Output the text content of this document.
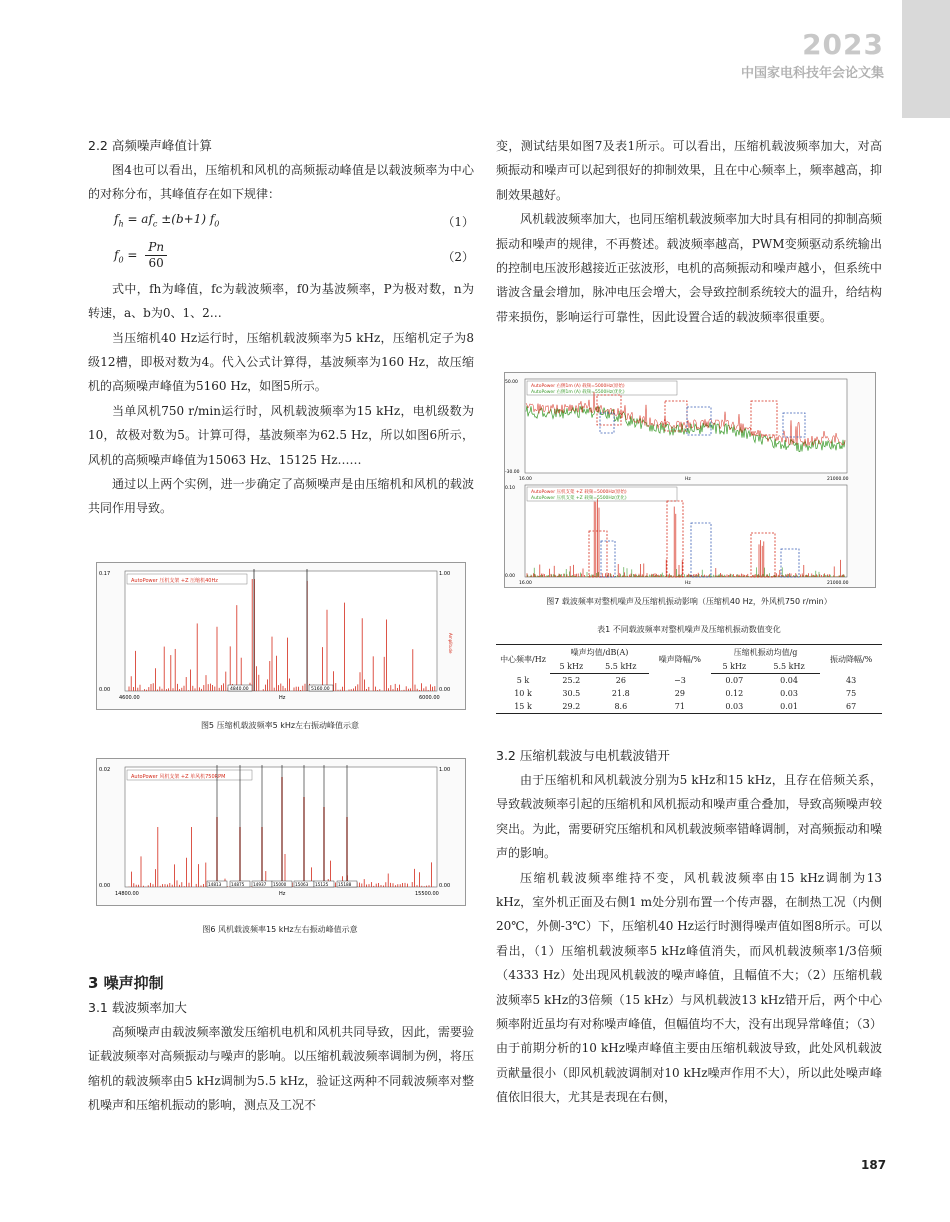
2023
中国家电科技年会论文集
2.2 高频噪声峰值计算

图4也可以看出，压缩机和风机的高频振动峰值是以载波频率为中心的对称分布，其峰值存在如下规律：

$f_h = af_c \pm(b+1)$ $f_0$	（1）
$f_0 = \frac{Pn}{60}$	（2）

式中，fh为峰值，fc为载波频率，f0为基波频率，P为极对数，n为转速，a、b为0、1、2…

当压缩机40 Hz运行时，压缩机载波频率为5 kHz，压缩机定子为8级12槽，即极对数为4。代入公式计算得，基波频率为160 Hz，故压缩机的高频噪声峰值为5160 Hz，如图5所示。

当单风机750 r/min运行时，风机载波频率为15 kHz，电机级数为10，故极对数为5。计算可得，基波频率为62.5 Hz，所以如图6所示，风机的高频噪声峰值为15063 Hz、15125 Hz……

通过以上两个实例，进一步确定了高频噪声是由压缩机和风机的载波共同作用导致。

AutoPower 压机支架 +Z 压缩机40Hz
0.17
0.00
1.00
0.00
Amplitude
4600.00	6000.00
Hz
4840.00	5160.00
图5 压缩机载波频率5 kHz左右振动峰值示意
AutoPower 风机支架 +Z 单风机750RPM
0.02
0.00
1.00
0.00
14800.00	15500.00
Hz
14813 14875 14937 15000 15063 15125 15188
图6 风机载波频率15 kHz左右振动峰值示意
3 噪声抑制
3.1 载波频率加大

高频噪声由载波频率激发压缩机电机和风机共同导致，因此，需要验证载波频率对高频振动与噪声的影响。以压缩机载波频率调制为例，将压缩机的载波频率由5 kHz调制为5.5 kHz，验证这两种不同载波频率对整机噪声和压缩机振动的影响，测点及工况不

变，测试结果如图7及表1所示。可以看出，压缩机载波频率加大，对高频振动和噪声可以起到很好的抑制效果，且在中心频率上，频率越高，抑制效果越好。

风机载波频率加大，也同压缩机载波频率加大时具有相同的抑制高频振动和噪声的规律，不再赘述。载波频率越高，PWM变频驱动系统输出的控制电压波形越接近正弦波形，电机的高频振动和噪声越小，但系统中谐波含量会增加，脉冲电压会增大，会导致控制系统较大的温升，给结构带来损伤，影响运行可靠性，因此设置合适的载波频率很重要。

AutoPower 右侧1m (A) 载频=5000Hz(原始)
AutoPower 右侧1m (A) 载频=5500Hz(优化)
50.00
-30.00
16.00	21000.00
Hz
AutoPower 压机支架 +Z 载频=5000Hz(原始)
AutoPower 压机支架 +Z 载频=5500Hz(优化)
0.10
0.00
16.00	21000.00
Hz
图7 载波频率对整机噪声及压缩机振动影响（压缩机40 Hz，外风机750 r/min）
表1 不同载波频率对整机噪声及压缩机振动数值变化
中心频率/Hz	噪声均值/dB(A)		噪声降幅/%	压缩机振动均值/g		振动降幅/%
	5 kHz	5.5 kHz		5 kHz	5.5 kHz	
5 k	25.2	26	−3	0.07	0.04	43
10 k	30.5	21.8	29	0.12	0.03	75
15 k	29.2	8.6	71	0.03	0.01	67
3.2 压缩机载波与电机载波错开

由于压缩机和风机载波分别为5 kHz和15 kHz，且存在倍频关系，导致载波频率引起的压缩机和风机振动和噪声重合叠加，导致高频噪声较突出。为此，需要研究压缩机和风机载波频率错峰调制，对高频振动和噪声的影响。

压缩机载波频率维持不变，风机载波频率由15 kHz调制为13 kHz，室外机正面及右侧1 m处分别布置一个传声器，在制热工况（内侧20℃，外侧-3℃）下，压缩机40 Hz运行时测得噪声值如图8所示。可以看出，（1）压缩机载波频率5 kHz峰值消失，而风机载波频率1/3倍频（4333 Hz）处出现风机载波的噪声峰值，且幅值不大；（2）压缩机载波频率5 kHz的3倍频（15 kHz）与风机载波13 kHz错开后，两个中心频率附近虽均有对称噪声峰值，但幅值均不大，没有出现异常峰值；（3）由于前期分析的10 kHz噪声峰值主要由压缩机载波导致，此处风机载波贡献量很小（即风机载波调制对10 kHz噪声作用不大），所以此处噪声峰值依旧很大，尤其是表现在右侧，

187
